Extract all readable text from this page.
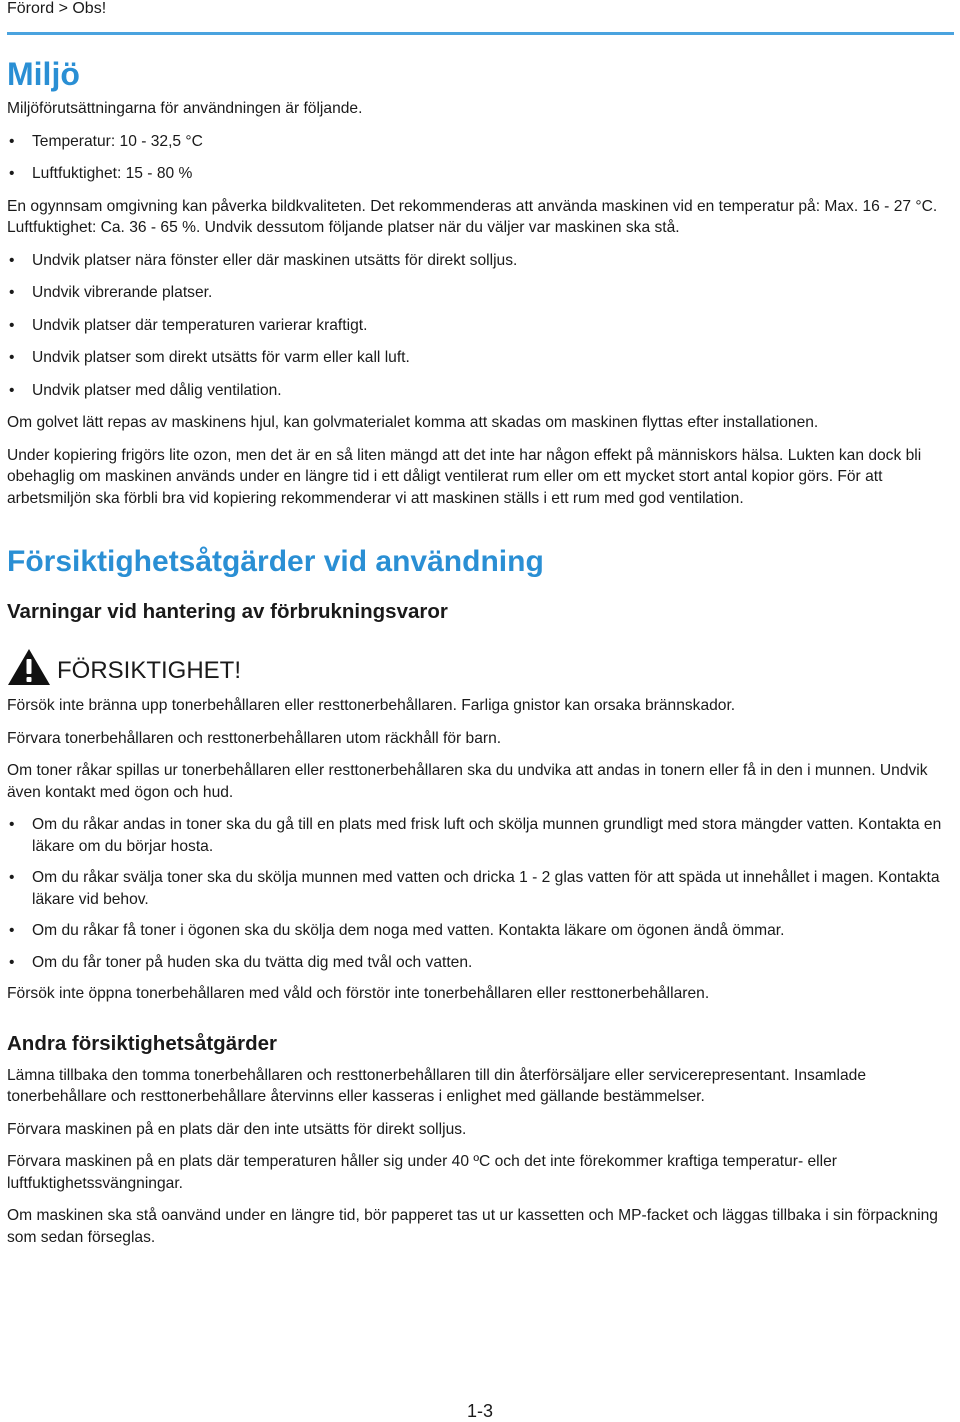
Förord > Obs!
Miljö

Miljöförutsättningarna för användningen är följande.

• Temperatur: 10 - 32,5 °C
• Luftfuktighet: 15 - 80 %

En ogynnsam omgivning kan påverka bildkvaliteten. Det rekommenderas att använda maskinen vid en temperatur på: Max. 16 - 27 °C. Luftfuktighet: Ca. 36 - 65 %. Undvik dessutom följande platser när du väljer var maskinen ska stå.

• Undvik platser nära fönster eller där maskinen utsätts för direkt solljus.
• Undvik vibrerande platser.
• Undvik platser där temperaturen varierar kraftigt.
• Undvik platser som direkt utsätts för varm eller kall luft.
• Undvik platser med dålig ventilation.

Om golvet lätt repas av maskinens hjul, kan golvmaterialet komma att skadas om maskinen flyttas efter installationen.

Under kopiering frigörs lite ozon, men det är en så liten mängd att det inte har någon effekt på människors hälsa. Lukten kan dock bli obehaglig om maskinen används under en längre tid i ett dåligt ventilerat rum eller om ett mycket stort antal kopior görs. För att arbetsmiljön ska förbli bra vid kopiering rekommenderar vi att maskinen ställs i ett rum med god ventilation.

Försiktighetsåtgärder vid användning
Varningar vid hantering av förbrukningsvaror
FÖRSIKTIGHET!

Försök inte bränna upp tonerbehållaren eller resttonerbehållaren. Farliga gnistor kan orsaka brännskador.

Förvara tonerbehållaren och resttonerbehållaren utom räckhåll för barn.

Om toner råkar spillas ur tonerbehållaren eller resttonerbehållaren ska du undvika att andas in tonern eller få in den i munnen. Undvik även kontakt med ögon och hud.

• Om du råkar andas in toner ska du gå till en plats med frisk luft och skölja munnen grundligt med stora mängder vatten. Kontakta en läkare om du börjar hosta.
• Om du råkar svälja toner ska du skölja munnen med vatten och dricka 1 - 2 glas vatten för att späda ut innehållet i magen. Kontakta läkare vid behov.
• Om du råkar få toner i ögonen ska du skölja dem noga med vatten. Kontakta läkare om ögonen ändå ömmar.
• Om du får toner på huden ska du tvätta dig med tvål och vatten.

Försök inte öppna tonerbehållaren med våld och förstör inte tonerbehållaren eller resttonerbehållaren.

Andra försiktighetsåtgärder

Lämna tillbaka den tomma tonerbehållaren och resttonerbehållaren till din återförsäljare eller servicerepresentant. Insamlade tonerbehållare och resttonerbehållare återvinns eller kasseras i enlighet med gällande bestämmelser.

Förvara maskinen på en plats där den inte utsätts för direkt solljus.

Förvara maskinen på en plats där temperaturen håller sig under 40 ºC och det inte förekommer kraftiga temperatur- eller luftfuktighetssvängningar.

Om maskinen ska stå oanvänd under en längre tid, bör papperet tas ut ur kassetten och MP-facket och läggas tillbaka i sin förpackning som sedan förseglas.

1-3
